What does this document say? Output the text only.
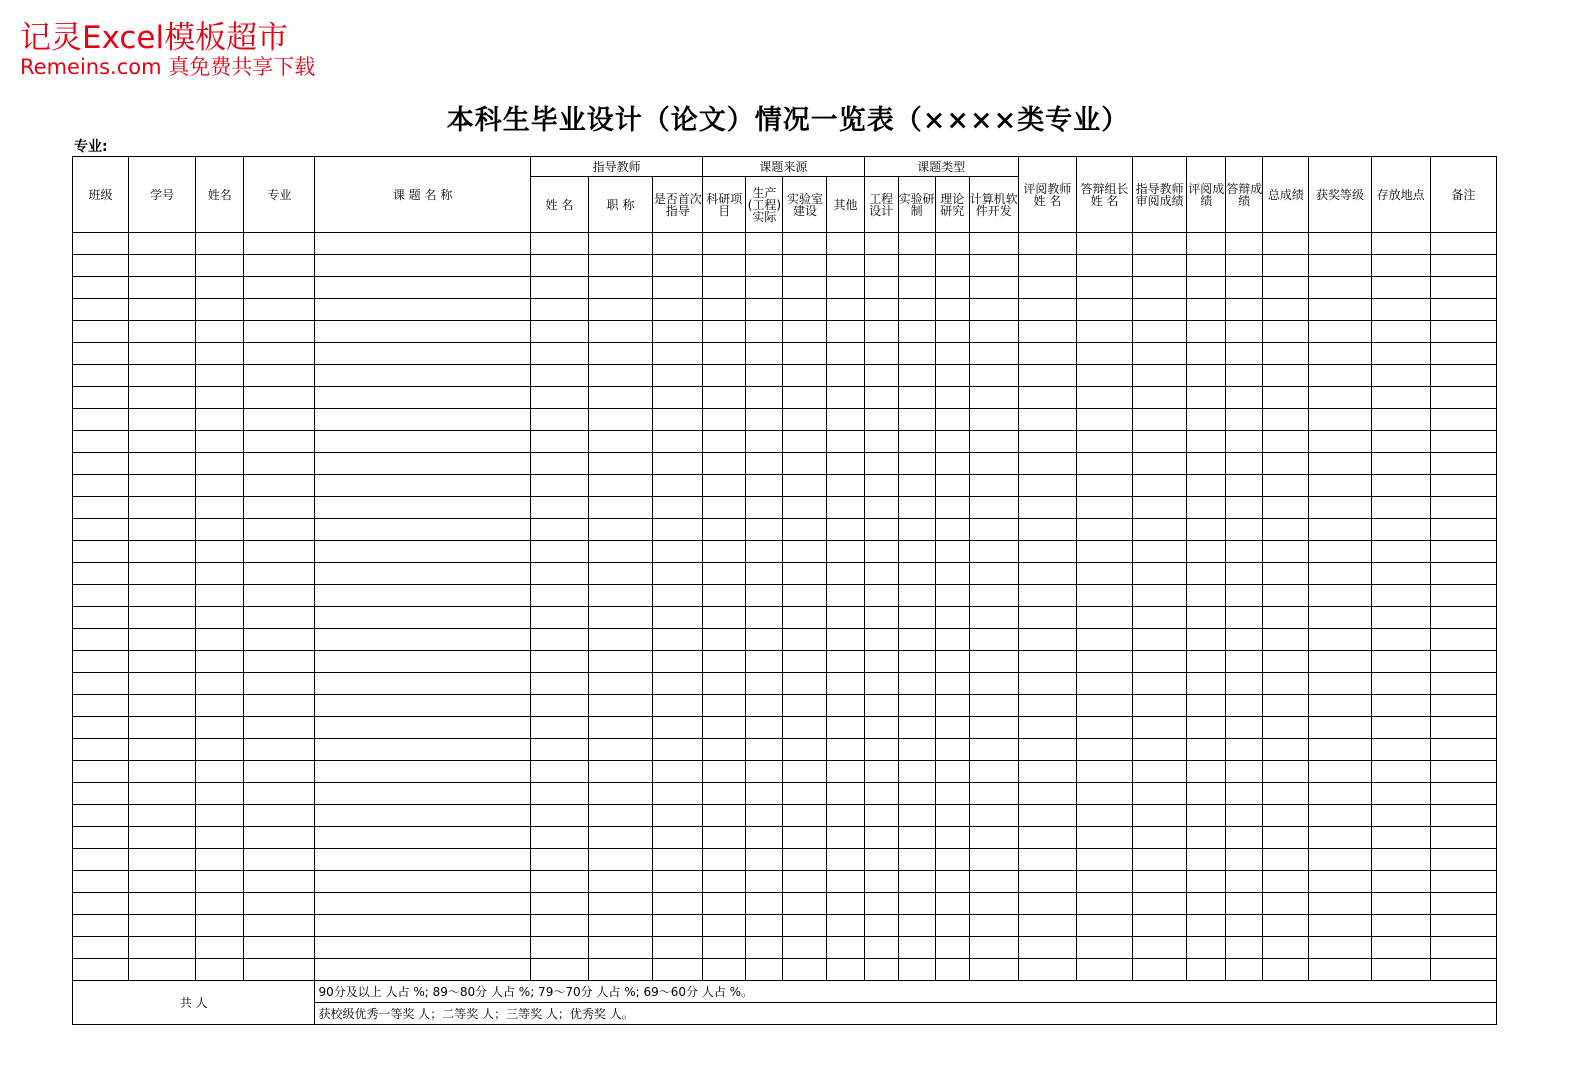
记灵Excel模板超市
Remeins.com 真免费共享下载
本科生毕业设计（论文）情况一览表（××××类专业）
专业:
班级	学号	姓名	专业	课 题 名 称	指导教师			课题来源				课题类型				评阅教师姓 名	答辩组长姓 名	指导教师审阅成绩	评阅成绩	答辩成绩	总成绩	获奖等级	存放地点	备注
					姓 名	职 称	是否首次指导	科研项目	生产(工程)实际	实验室建设	其他	工程设计	实验研制	理论研究	计算机软件开发									

共 人				90分及以上 人占 %; 89～80分 人占 %; 79～70分 人占 %; 69～60分 人占 %。																				
				获校级优秀一等奖 人；二等奖 人；三等奖 人；优秀奖 人。																				
